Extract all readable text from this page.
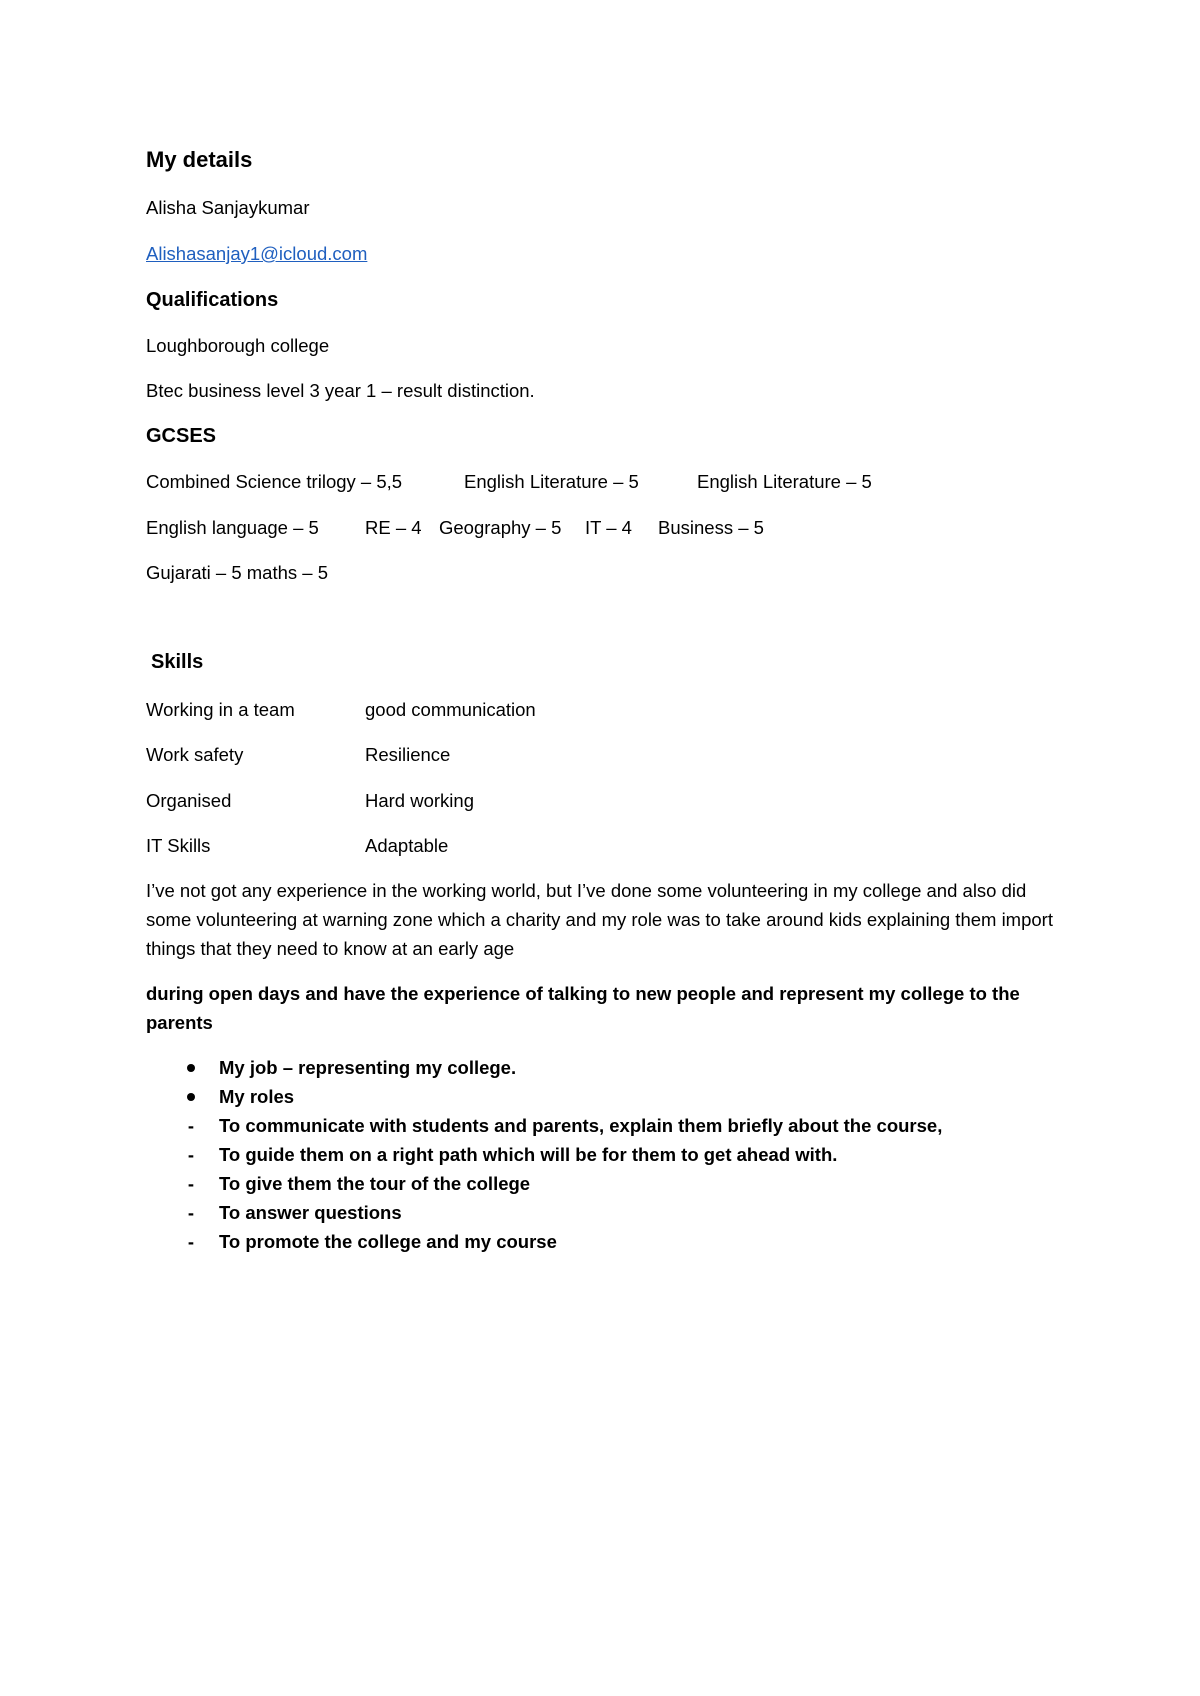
My details
Alisha Sanjaykumar
Alishasanjay1@icloud.com
Qualifications
Loughborough college
Btec business level 3 year 1 – result distinction.
GCSES
Combined Science trilogy – 5,5	English Literature – 5	English Literature – 5
English language – 5 RE – 4 Geography – 5 IT – 4 Business – 5
Gujarati – 5 maths – 5
Skills
Working in a team	good communication
Work safety	Resilience
Organised	Hard working
IT Skills	Adaptable
I’ve not got any experience in the working world, but I’ve done some volunteering in my college and also did some volunteering at warning zone which a charity and my role was to take around kids explaining them import things that they need to know at an early age
during open days and have the experience of talking to new people and represent my college to the parents
My job – representing my college.
My roles
- To communicate with students and parents, explain them briefly about the course,
- To guide them on a right path which will be for them to get ahead with.
- To give them the tour of the college
- To answer questions
- To promote the college and my course
